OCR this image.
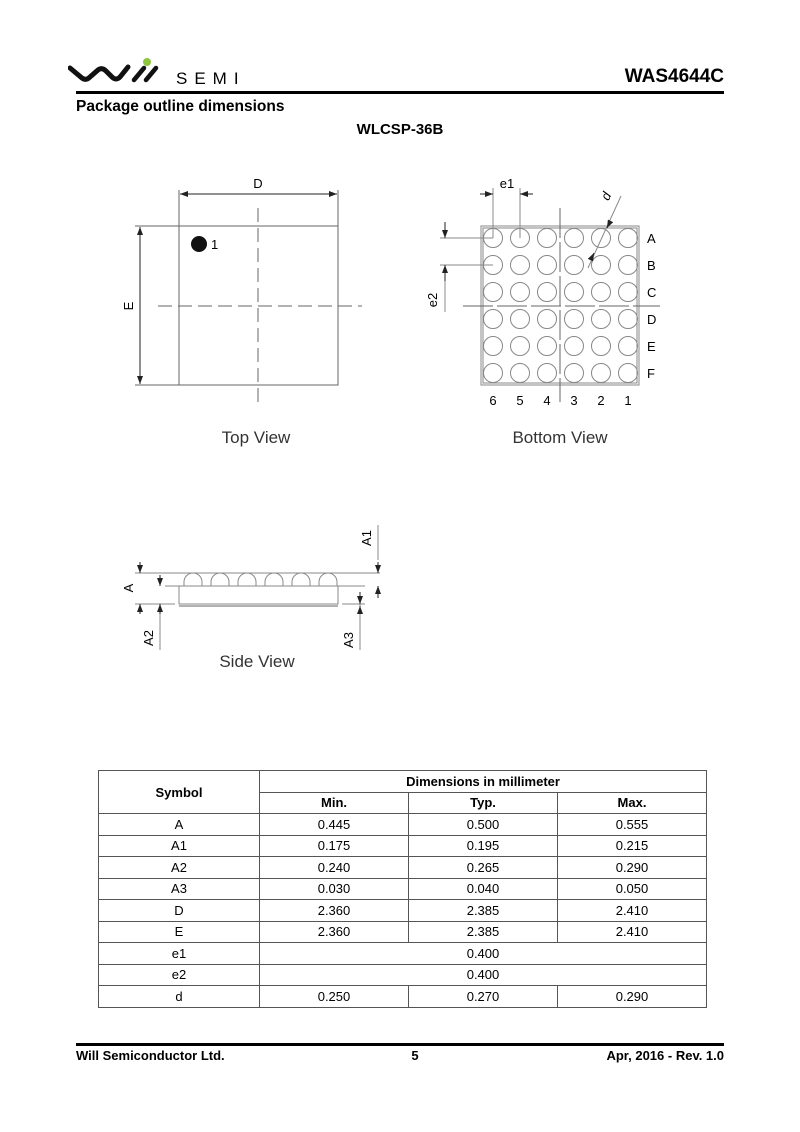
SEMI	WAS4644C
Package outline dimensions
WLCSP-36B
1
D
E
Top View
e1
e2
d
A
B
C
D
E
F
6 5 4 3 2 1
Bottom View
A
A2
A1
A3
Side View
Symbol	Dimensions in millimeter		
	Min.	Typ.	Max.
A	0.445	0.500	0.555
A1	0.175	0.195	0.215
A2	0.240	0.265	0.290
A3	0.030	0.040	0.050
D	2.360	2.385	2.410
E	2.360	2.385	2.410
e1	0.400		
e2	0.400		
d	0.250	0.270	0.290
Will Semiconductor Ltd.	5	Apr, 2016 - Rev. 1.0
